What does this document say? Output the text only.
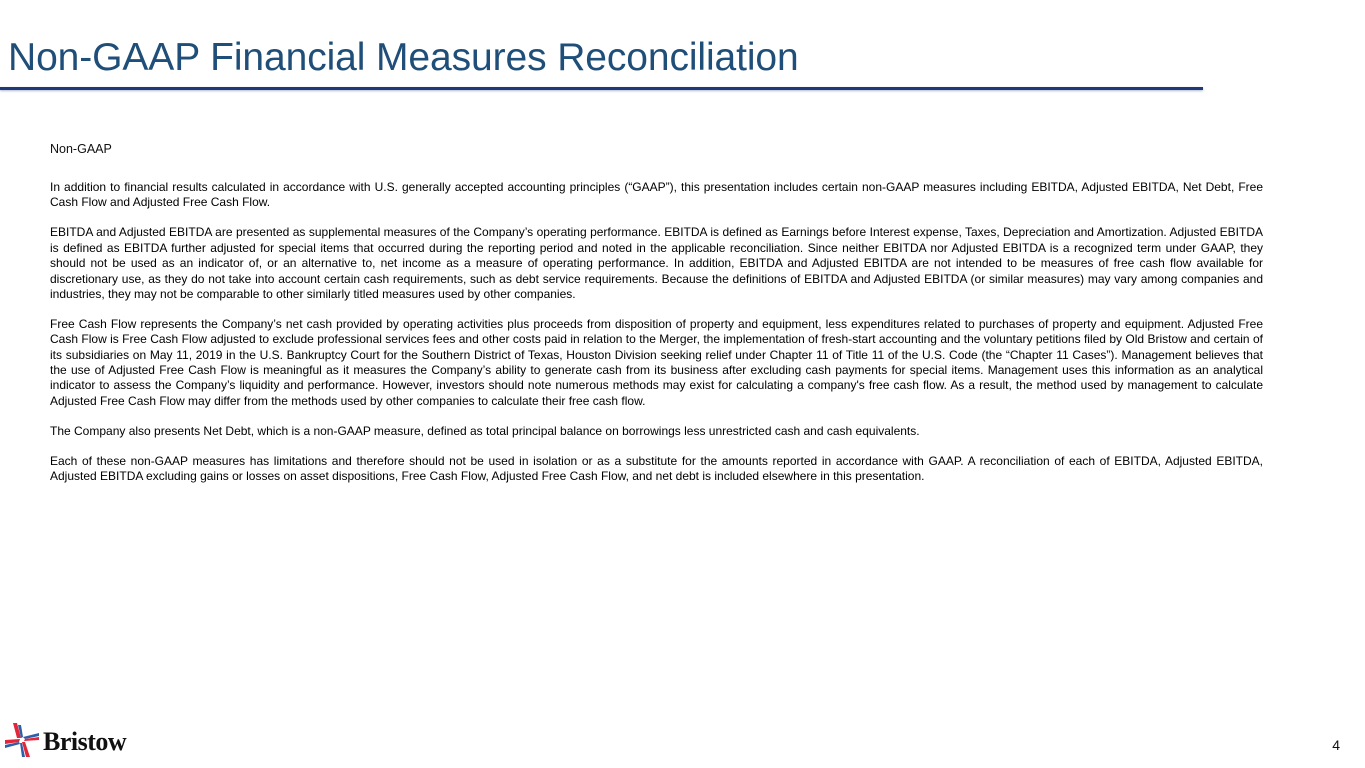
Non-GAAP Financial Measures Reconciliation

Non-GAAP

In addition to financial results calculated in accordance with U.S. generally accepted accounting principles (“GAAP”), this presentation includes certain non-GAAP measures including EBITDA, Adjusted EBITDA, Net Debt, Free Cash Flow and Adjusted Free Cash Flow.

EBITDA and Adjusted EBITDA are presented as supplemental measures of the Company’s operating performance. EBITDA is defined as Earnings before Interest expense, Taxes, Depreciation and Amortization. Adjusted EBITDA is defined as EBITDA further adjusted for special items that occurred during the reporting period and noted in the applicable reconciliation. Since neither EBITDA nor Adjusted EBITDA is a recognized term under GAAP, they should not be used as an indicator of, or an alternative to, net income as a measure of operating performance. In addition, EBITDA and Adjusted EBITDA are not intended to be measures of free cash flow available for discretionary use, as they do not take into account certain cash requirements, such as debt service requirements. Because the definitions of EBITDA and Adjusted EBITDA (or similar measures) may vary among companies and industries, they may not be comparable to other similarly titled measures used by other companies.

Free Cash Flow represents the Company’s net cash provided by operating activities plus proceeds from disposition of property and equipment, less expenditures related to purchases of property and equipment. Adjusted Free Cash Flow is Free Cash Flow adjusted to exclude professional services fees and other costs paid in relation to the Merger, the implementation of fresh-start accounting and the voluntary petitions filed by Old Bristow and certain of its subsidiaries on May 11, 2019 in the U.S. Bankruptcy Court for the Southern District of Texas, Houston Division seeking relief under Chapter 11 of Title 11 of the U.S. Code (the “Chapter 11 Cases”). Management believes that the use of Adjusted Free Cash Flow is meaningful as it measures the Company’s ability to generate cash from its business after excluding cash payments for special items. Management uses this information as an analytical indicator to assess the Company’s liquidity and performance. However, investors should note numerous methods may exist for calculating a company's free cash flow. As a result, the method used by management to calculate Adjusted Free Cash Flow may differ from the methods used by other companies to calculate their free cash flow.

The Company also presents Net Debt, which is a non-GAAP measure, defined as total principal balance on borrowings less unrestricted cash and cash equivalents.

Each of these non-GAAP measures has limitations and therefore should not be used in isolation or as a substitute for the amounts reported in accordance with GAAP. A reconciliation of each of EBITDA, Adjusted EBITDA, Adjusted EBITDA excluding gains or losses on asset dispositions, Free Cash Flow, Adjusted Free Cash Flow, and net debt is included elsewhere in this presentation.

Bristow	4
